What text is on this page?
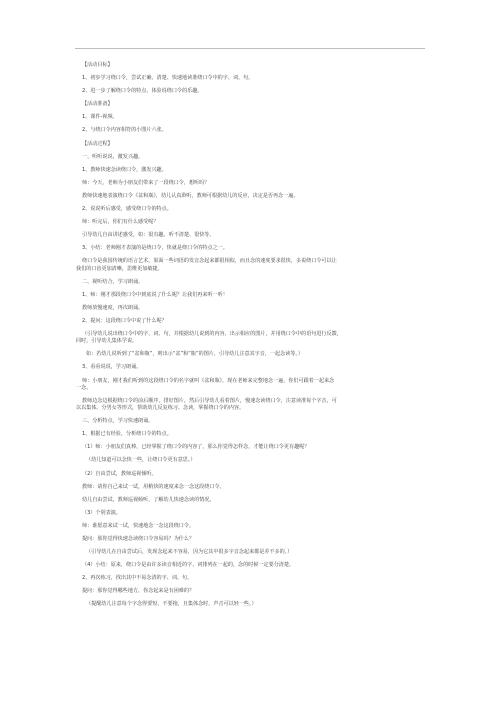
【活动目标】

1、初步学习绕口令，尝试正确、清楚、快速地读准绕口令中的字、词、句。

2、进一步了解绕口令的特点，体验说绕口令的乐趣。

【活动准备】

1、课件-视频。

2、与绕口令内容相符的小图片六张。

【活动过程】

一、听听说说，激发兴趣。

1、教师快速念读绕口令，激发兴趣。

师：今天，老师为小朋友们带来了一段绕口令，想听吗？

教师快速地表演绕口令《盆和瓶》，幼儿认真聆听，教师可根据幼儿的反应，决定是否再念一遍。

2、说说听后感受，感受绕口令的特点。

师：听完后，你们有什么感受呢？

引导幼儿自由讲述感受，如：很有趣、听不清楚、很快等。

3、小结：老师刚才表演的是绕口令，快就是绕口令的特点之一。

绕口令是我国传统的语言艺术，果面一些词语的发音念起来都很相似，而且念的速度要求很快，多说绕口令可以让

我们的口齿更加清晰，思维更加敏捷。

二、视听结合，学习朗诵。

1、师：刚才那段绕口令中到底说了什么呢？让我们再来听一听！

教师放慢速度，再次朗诵。

2、提问：这段绕口令中说了什么呢？

（引导幼儿说出绕口令中的字、词、句，并根据幼儿说到的内容，出示相应的图片，并用绕口令中的语句进行反馈，

同时，引导幼儿集体学说。

如：若幼儿说听到了“盆和瓶”，则出示“盆”和“瓶”的图片，引导幼儿注意其字音，一起念读等。）

3、看看说说，学习朗诵。

师：小朋友，刚才我们听到的这段绕口令的名字就叫《盆和瓶》，现在老师来完整地念一遍，你们可跟着一起来念

一念。

教师边念边根据绕口令的前后顺序，排好图片，然后引导幼儿看着图片，慢速念读绕口令，注意读准每个字音，可

以以集体、分男女等形式，帮助幼儿反复练习、念读，掌握绕口令的内容。

三、分析特点，学习快速朗诵。

1、根据已有经验，分析绕口令的特点。

（1）师：小朋友们真棒，已经掌握了绕口令的内容了，那么你觉得怎样念，才能让绕口令更有趣呢？

（幼儿知道可以念快一些，让绕口令更有意思。）

（2）自由尝试，教师巡视倾听。

教师：请你自己来试一试，用稍快的速度来念一念这段绕口令。

幼儿自由尝试，教师巡视倾听，了解幼儿快速念读的情况。

（3）个别表演。

师：谁愿意来试一试，快速地念一念这段绕口令。

提问：那你觉得快速念读绕口令容易吗？为什么？

（引导幼儿在自由尝试后，发现念起来不容易，因为它其中很多字音念起来都是差不多的。）

（4）小结：原来，绕口令是由许多读音相近的字、词排列在一起的，念的时候一定要分清楚。

2、再次练习，找出其中不易念清的字、词、句。

提问：那你觉得哪些地方，你念起来是有困难的？

（提醒幼儿注意每个字念得要短，不要拖，且集体念时，声音可以轻一些。）
